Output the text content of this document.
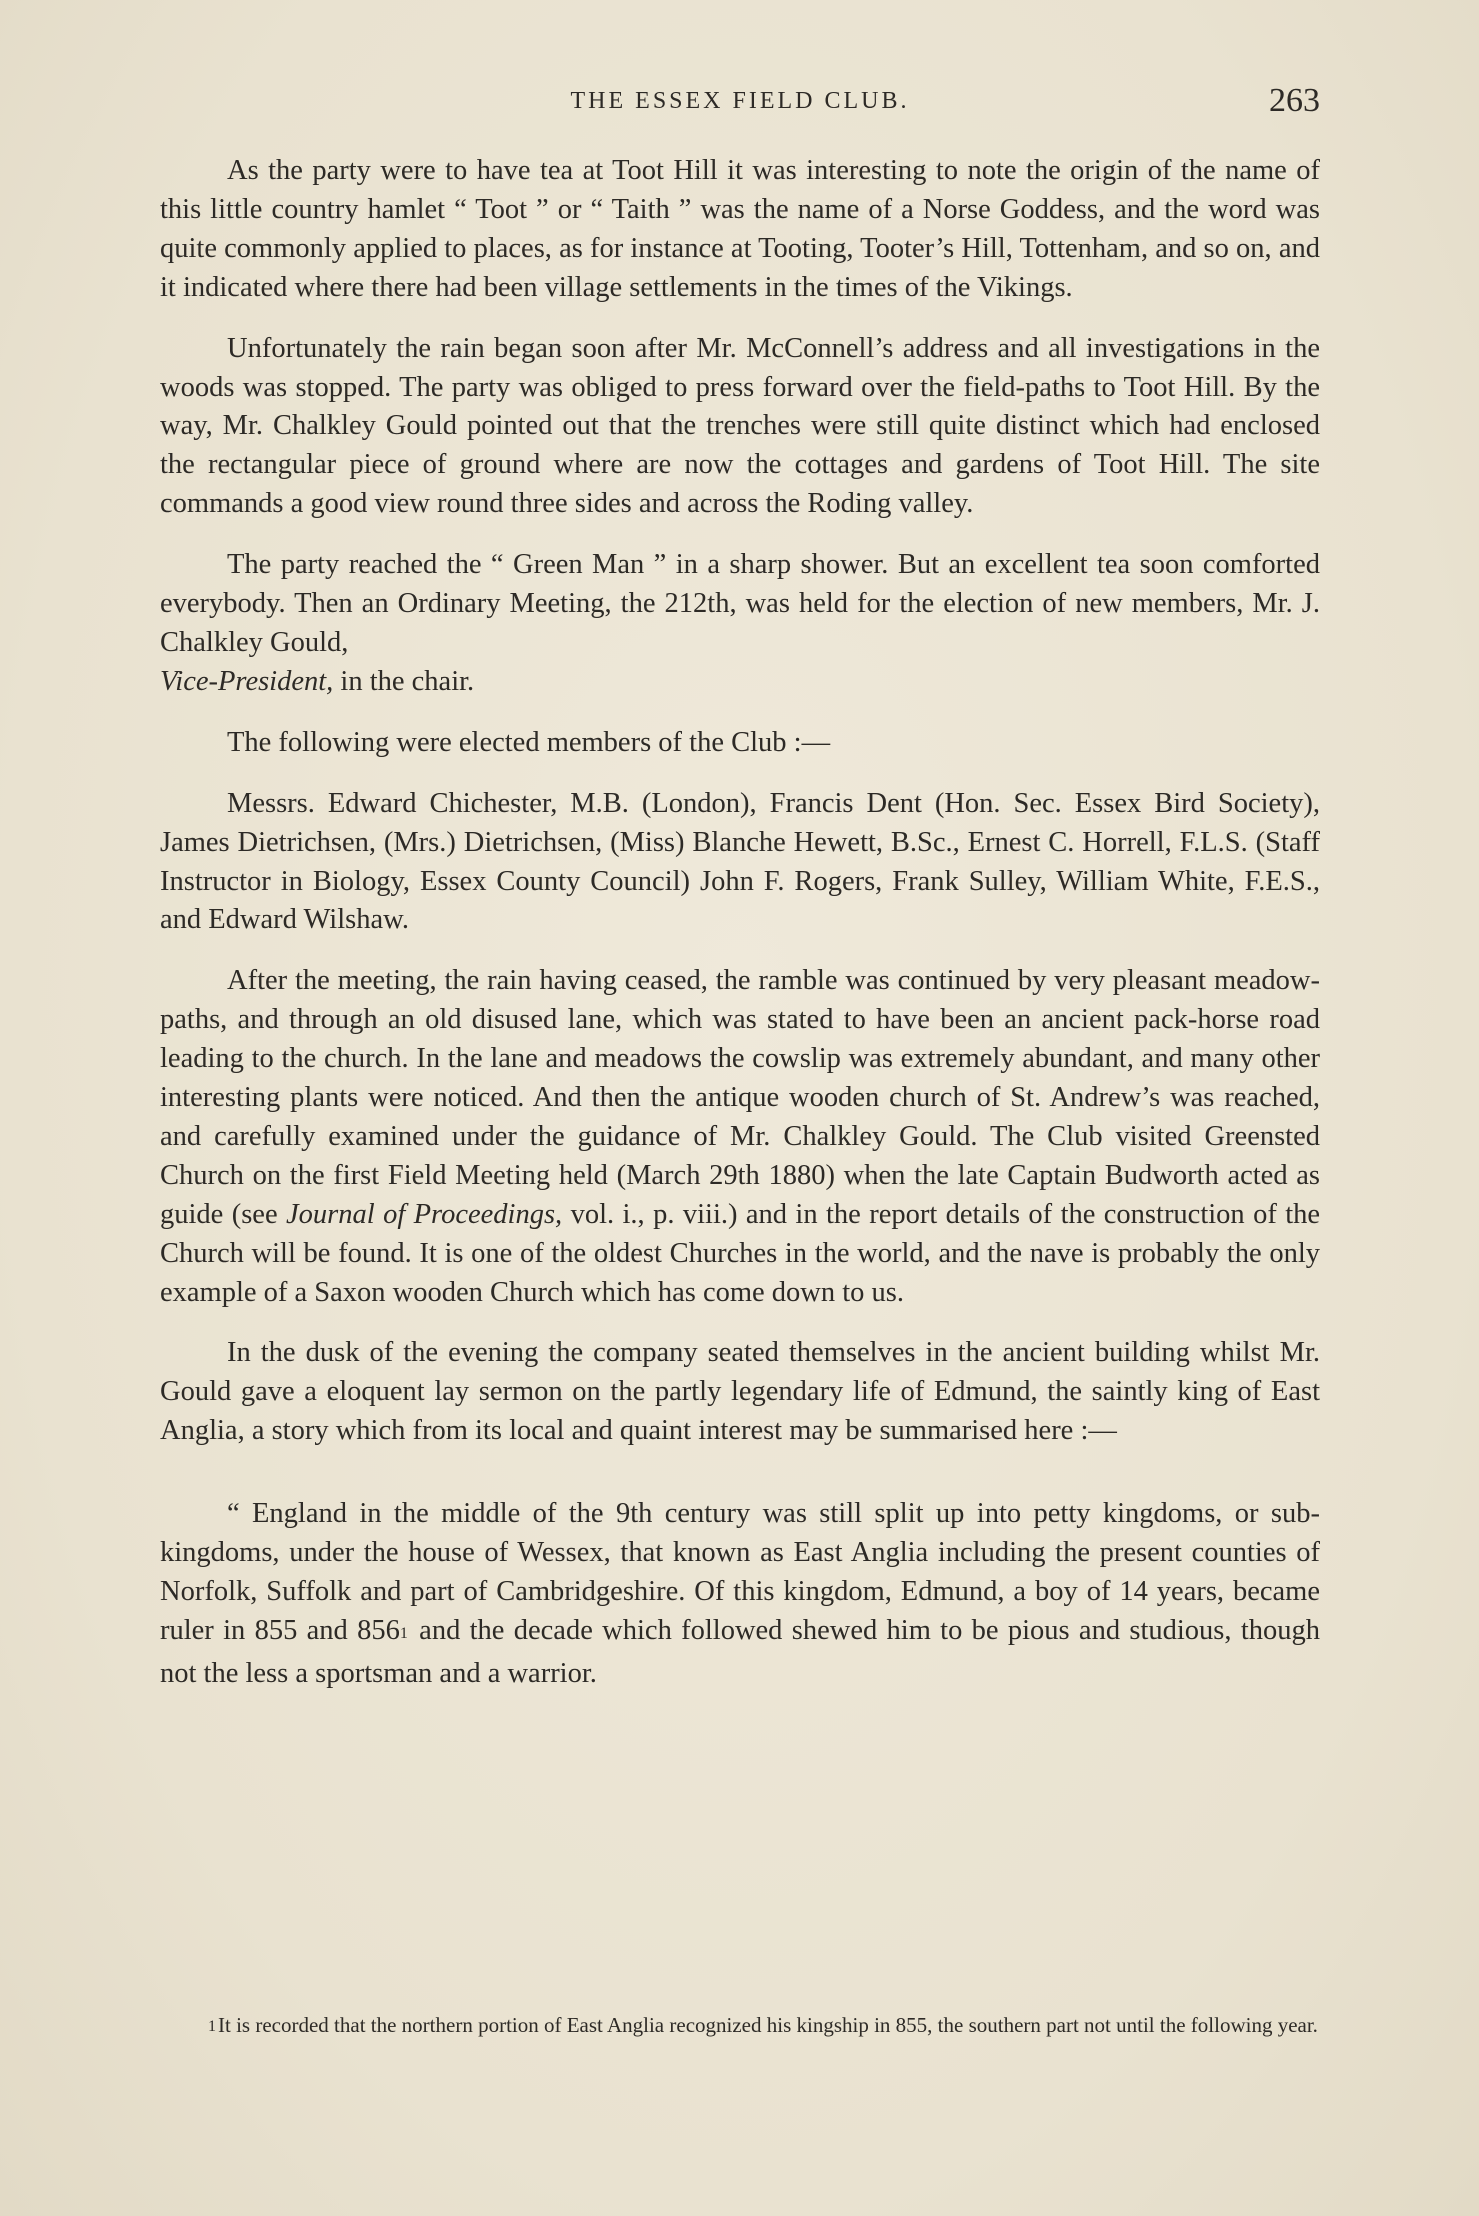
THE ESSEX FIELD CLUB.	263

As the party were to have tea at Toot Hill it was interesting to note the origin of the name of this little country hamlet “ Toot ” or “ Taith ” was the name of a Norse Goddess, and the word was quite commonly applied to places, as for instance at Tooting, Tooter’s Hill, Tottenham, and so on, and it indicated where there had been village settlements in the times of the Vikings.

Unfortunately the rain began soon after Mr. McConnell’s address and all investigations in the woods was stopped. The party was obliged to press forward over the field-paths to Toot Hill. By the way, Mr. Chalkley Gould pointed out that the trenches were still quite distinct which had enclosed the rectangular piece of ground where are now the cottages and gardens of Toot Hill. The site commands a good view round three sides and across the Roding valley.

The party reached the “ Green Man ” in a sharp shower. But an excellent tea soon comforted everybody. Then an Ordinary Meeting, the 212th, was held for the election of new members, Mr. J. Chalkley Gould,
Vice-President, in the chair.

The following were elected members of the Club :—

Messrs. Edward Chichester, M.B. (London), Francis Dent (Hon. Sec. Essex Bird Society), James Dietrichsen, (Mrs.) Dietrichsen, (Miss) Blanche Hewett, B.Sc., Ernest C. Horrell, F.L.S. (Staff Instructor in Biology, Essex County Council) John F. Rogers, Frank Sulley, William White, F.E.S., and Edward Wilshaw.

After the meeting, the rain having ceased, the ramble was continued by very pleasant meadow-paths, and through an old disused lane, which was stated to have been an ancient pack-horse road leading to the church. In the lane and meadows the cowslip was extremely abundant, and many other interesting plants were noticed. And then the antique wooden church of St. Andrew’s was reached, and carefully examined under the guidance of Mr. Chalkley Gould. The Club visited Greensted Church on the first Field Meeting held (March 29th 1880) when the late Captain Budworth acted as guide (see Journal of Proceedings, vol. i., p. viii.) and in the report details of the construction of the Church will be found. It is one of the oldest Churches in the world, and the nave is probably the only example of a Saxon wooden Church which has come down to us.

In the dusk of the evening the company seated themselves in the ancient building whilst Mr. Gould gave a eloquent lay sermon on the partly legendary life of Edmund, the saintly king of East Anglia, a story which from its local and quaint interest may be summarised here :—

“ England in the middle of the 9th century was still split up into petty kingdoms, or sub-kingdoms, under the house of Wessex, that known as East Anglia including the present counties of Norfolk, Suffolk and part of Cambridgeshire. Of this kingdom, Edmund, a boy of 14 years, became ruler in 855 and 8561 and the decade which followed shewed him to be pious and studious, though not the less a sportsman and a warrior.

1It is recorded that the northern portion of East Anglia recognized his kingship in 855, the southern part not until the following year.
